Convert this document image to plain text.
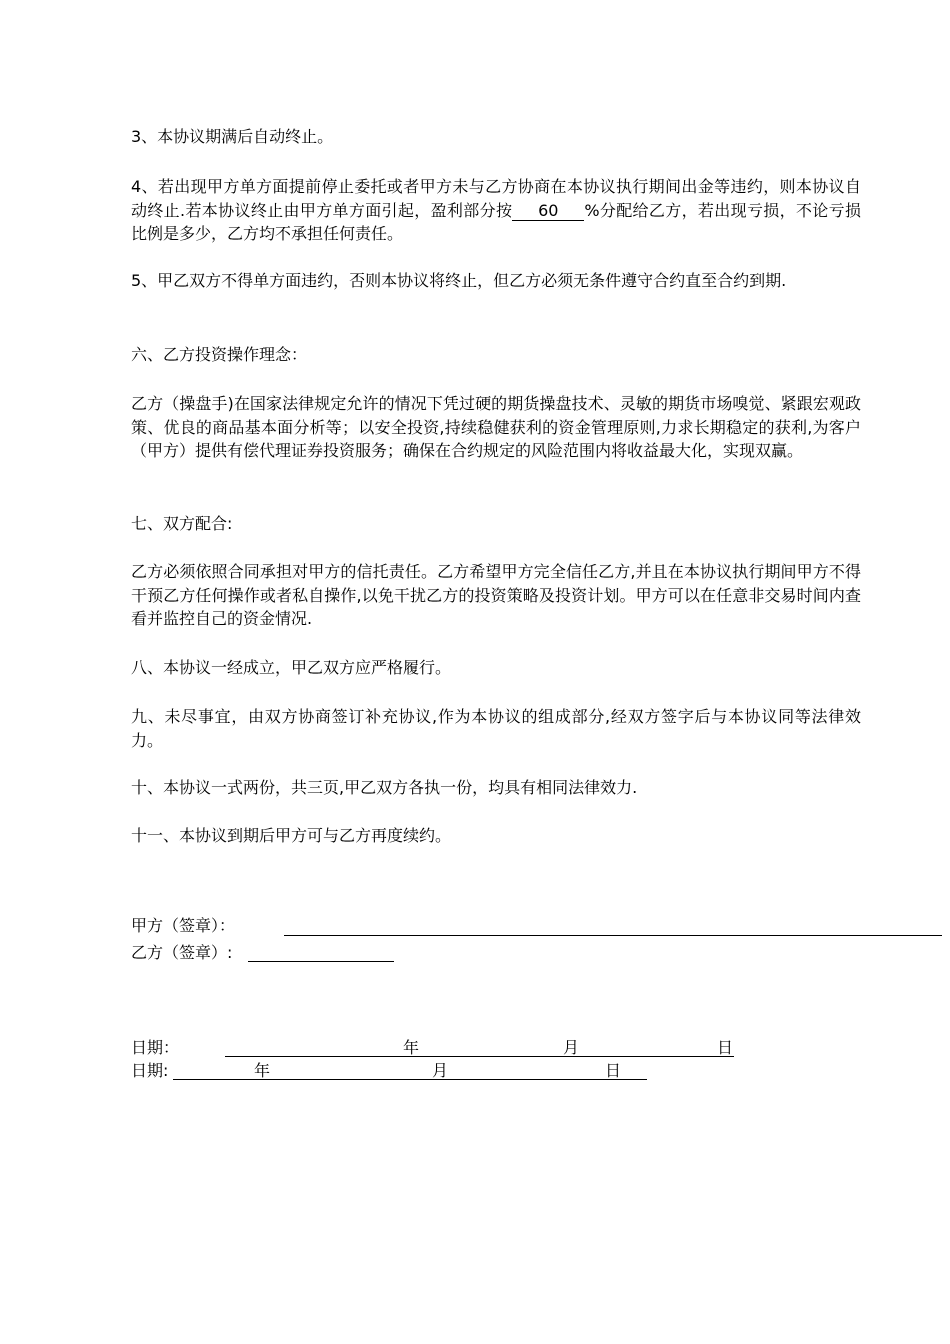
3、本协议期满后自动终止。

4、若出现甲方单方面提前停止委托或者甲方未与乙方协商在本协议执行期间出金等违约，则本协议自动终止.若本协议终止由甲方单方面引起，盈利部分按 60 %分配给乙方，若出现亏损，不论亏损比例是多少，乙方均不承担任何责任。

5、甲乙双方不得单方面违约，否则本协议将终止，但乙方必须无条件遵守合约直至合约到期.

六、乙方投资操作理念：

乙方（操盘手)在国家法律规定允许的情况下凭过硬的期货操盘技术、灵敏的期货市场嗅觉、紧跟宏观政策、优良的商品基本面分析等；以安全投资,持续稳健获利的资金管理原则,力求长期稳定的获利,为客户（甲方）提供有偿代理证券投资服务；确保在合约规定的风险范围内将收益最大化，实现双赢。

七、双方配合:

乙方必须依照合同承担对甲方的信托责任。乙方希望甲方完全信任乙方,并且在本协议执行期间甲方不得干预乙方任何操作或者私自操作,以免干扰乙方的投资策略及投资计划。甲方可以在任意非交易时间内查看并监控自己的资金情况.

八、本协议一经成立，甲乙双方应严格履行。

九、未尽事宜，由双方协商签订补充协议,作为本协议的组成部分,经双方签字后与本协议同等法律效力。

十、本协议一式两份，共三页,甲乙双方各执一份，均具有相同法律效力.

十一、本协议到期后甲方可与乙方再度续约。

甲方（签章）：
乙方（签章）:
日期：	年	月	日
日期:	年	月	日
